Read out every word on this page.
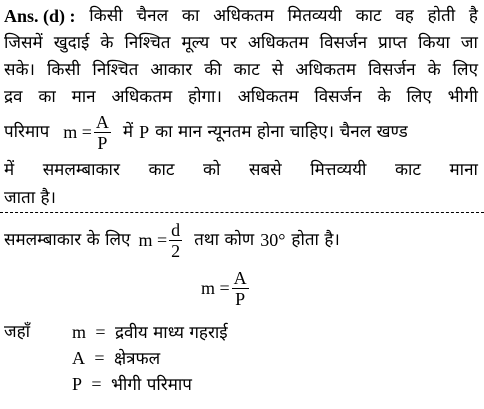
Ans. (d) : किसी चैनल का अधिकतम मितव्ययी काट वह होती है
जिसमें खुदाई के निश्चित मूल्य पर अधिकतम विसर्जन प्राप्त किया जा
सके। किसी निश्चित आकार की काट से अधिकतम विसर्जन के लिए
द्रव का मान अधिकतम होगा। अधिकतम विसर्जन के लिए भीगी
परिमाप $m = \frac{A}{P}$ में P का मान न्यूनतम होना चाहिए। चैनल खण्ड
में समलम्बाकार काट को सबसे मित्तव्ययी काट माना
जाता है।
समलम्बाकार के लिए $m = \frac{d}{2}$ तथा कोण 30° होता है।
$m = \frac{A}{P}$
जहाँ m = द्रवीय माध्य गहराई
A = क्षेत्रफल
P = भीगी परिमाप
